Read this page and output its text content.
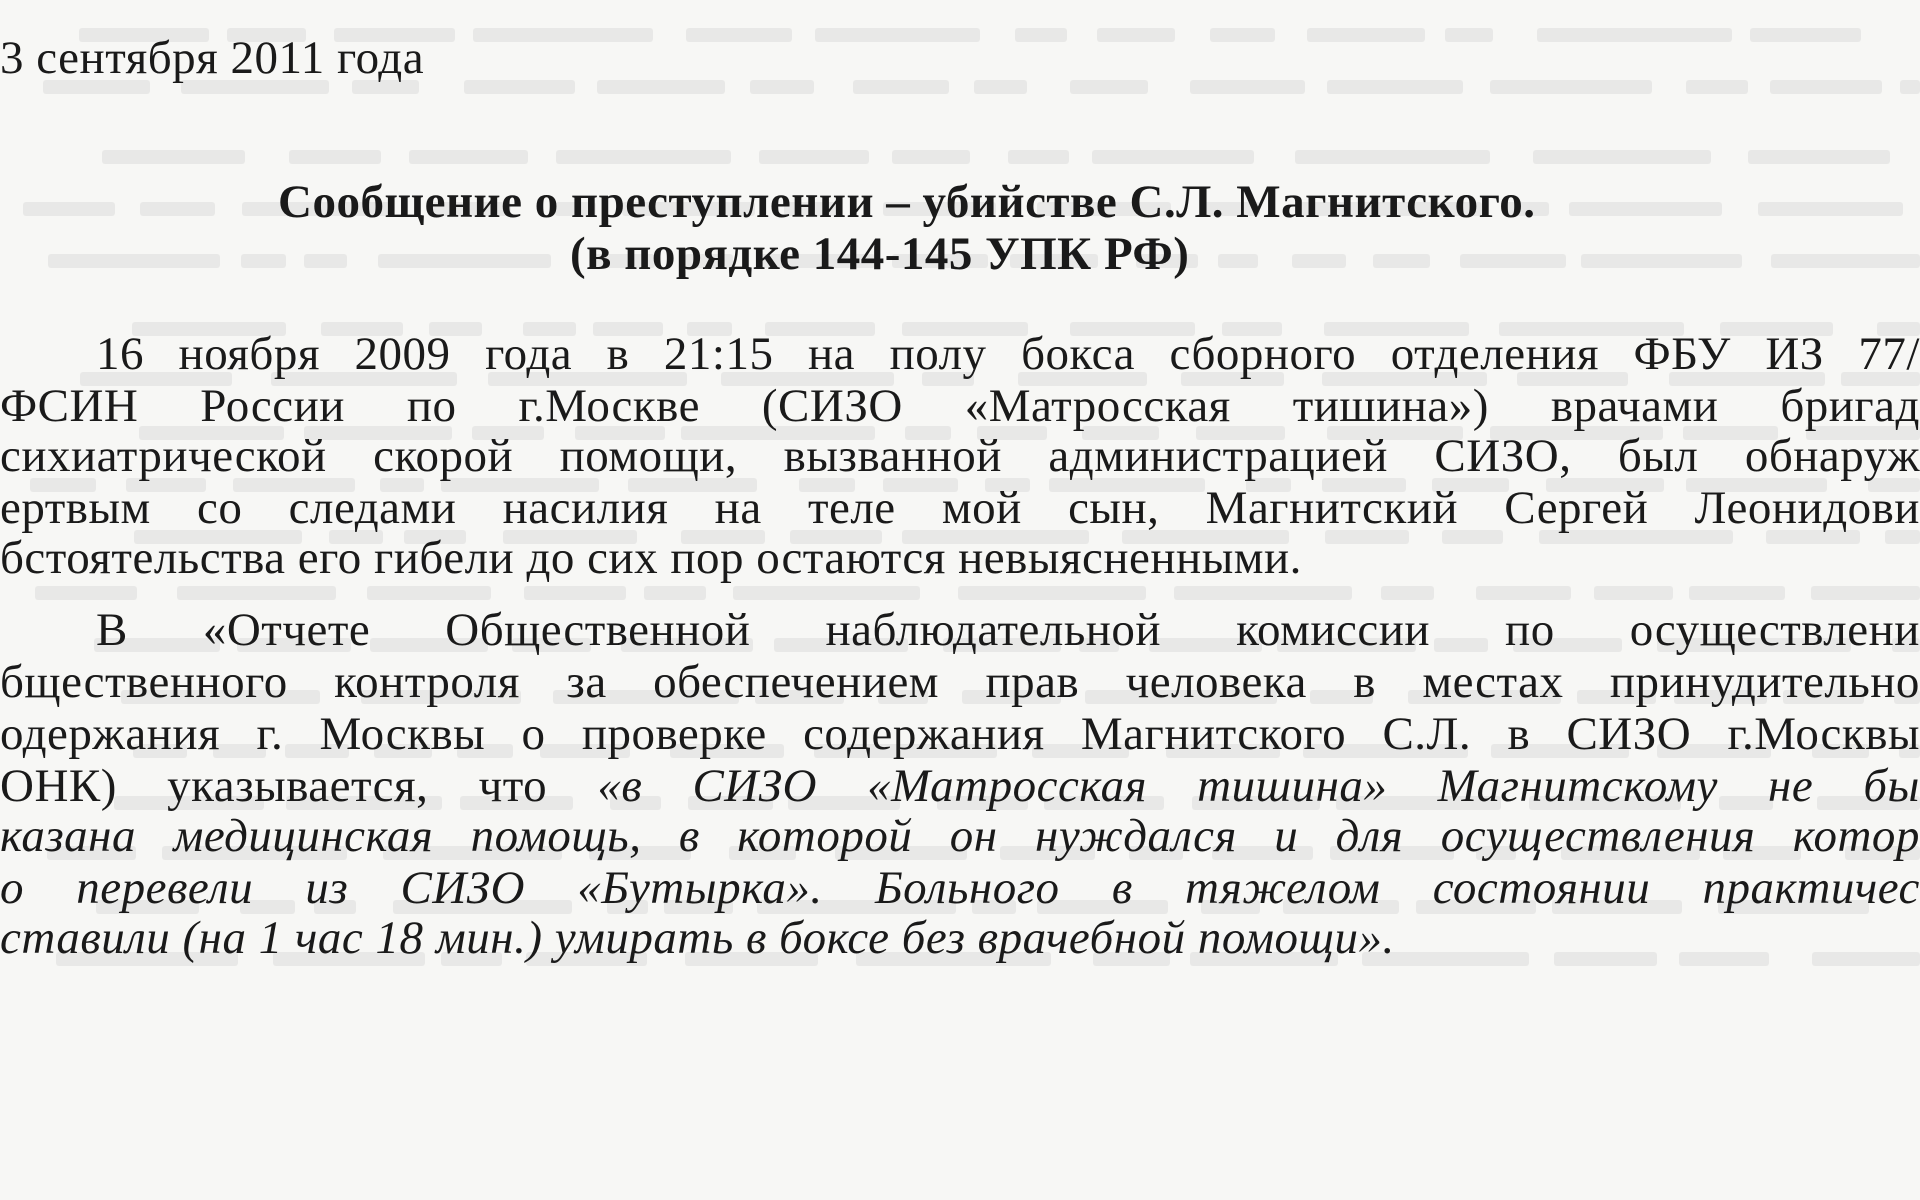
3 сентября 2011 года
Сообщение о преступлении – убийстве С.Л. Магнитского.
(в порядке 144-145 УПК РФ)
16 ноября 2009 года в 21:15 на полу бокса сборного отделения ФБУ ИЗ 77/
ФСИН России по г.Москве (СИЗО «Матросская тишина») врачами бригад
сихиатрической скорой помощи, вызванной администрацией СИЗО, был обнаруж
ертвым со следами насилия на теле мой сын, Магнитский Сергей Леонидови
бстоятельства его гибели до сих пор остаются невыясненными.
В «Отчете Общественной наблюдательной комиссии по осуществлени
бщественного контроля за обеспечением прав человека в местах принудительно
одержания г. Москвы о проверке содержания Магнитского С.Л. в СИЗО г.Москвы
ОНК) указывается, что «в СИЗО «Матросская тишина» Магнитскому не бы
казана медицинская помощь, в которой он нуждался и для осуществления котор
о перевели из СИЗО «Бутырка». Больного в тяжелом состоянии практичес
ставили (на 1 час 18 мин.) умирать в боксе без врачебной помощи».
